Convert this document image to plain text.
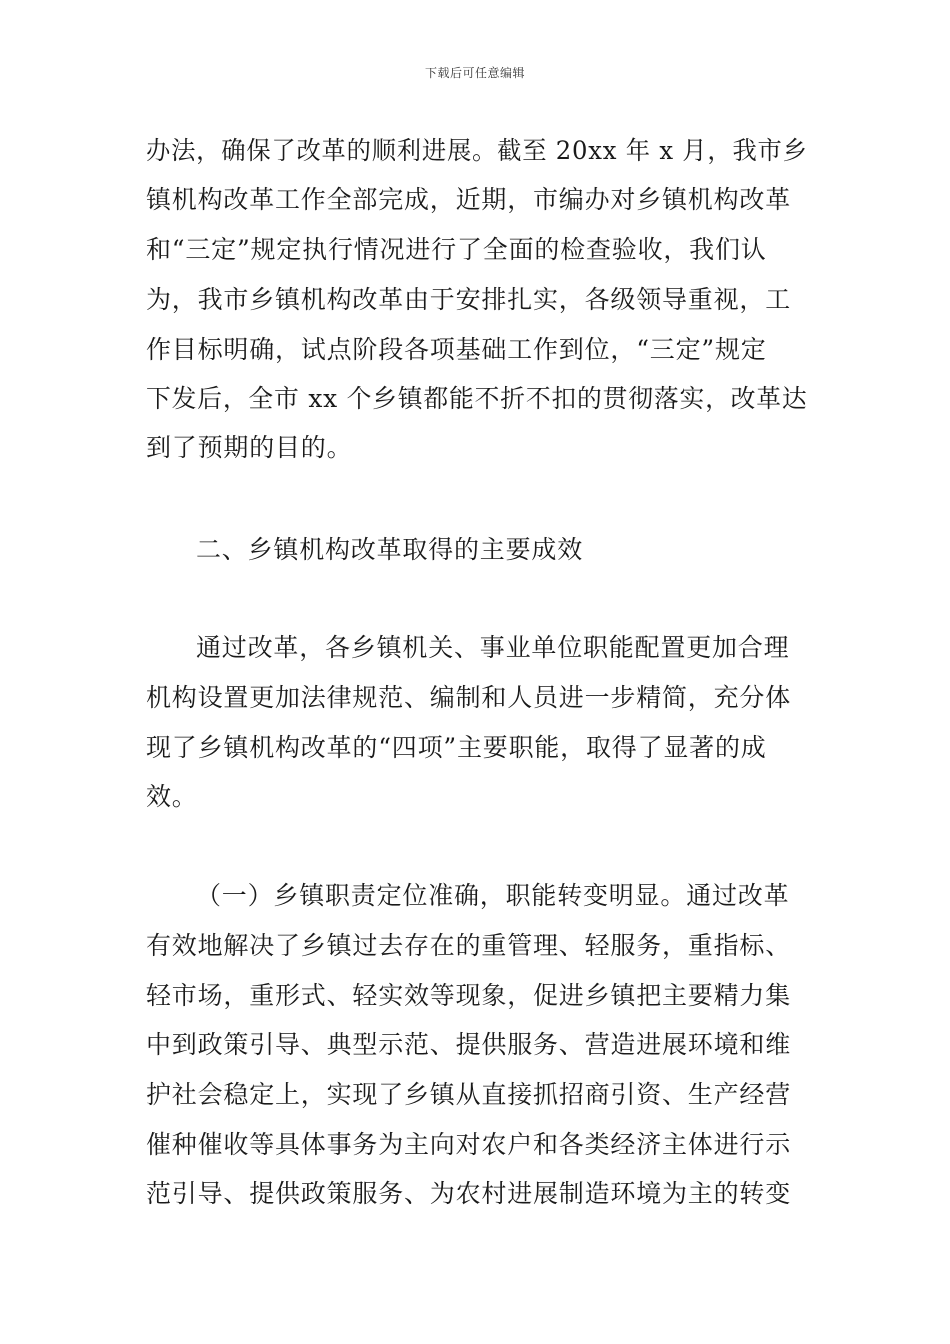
下载后可任意编辑
办法，确保了改革的顺利进展。截至 20xx 年 x 月，我市乡
镇机构改革工作全部完成，近期，市编办对乡镇机构改革
和“三定”规定执行情况进行了全面的检查验收，我们认
为，我市乡镇机构改革由于安排扎实，各级领导重视，工
作目标明确，试点阶段各项基础工作到位，“三定”规定
下发后，全市 xx 个乡镇都能不折不扣的贯彻落实，改革达
到了预期的目的。
二、乡镇机构改革取得的主要成效
通过改革，各乡镇机关、事业单位职能配置更加合理
机构设置更加法律规范、编制和人员进一步精简，充分体
现了乡镇机构改革的“四项”主要职能，取得了显著的成
效。
（一）乡镇职责定位准确，职能转变明显。通过改革
有效地解决了乡镇过去存在的重管理、轻服务，重指标、
轻市场，重形式、轻实效等现象，促进乡镇把主要精力集
中到政策引导、典型示范、提供服务、营造进展环境和维
护社会稳定上，实现了乡镇从直接抓招商引资、生产经营
催种催收等具体事务为主向对农户和各类经济主体进行示
范引导、提供政策服务、为农村进展制造环境为主的转变
